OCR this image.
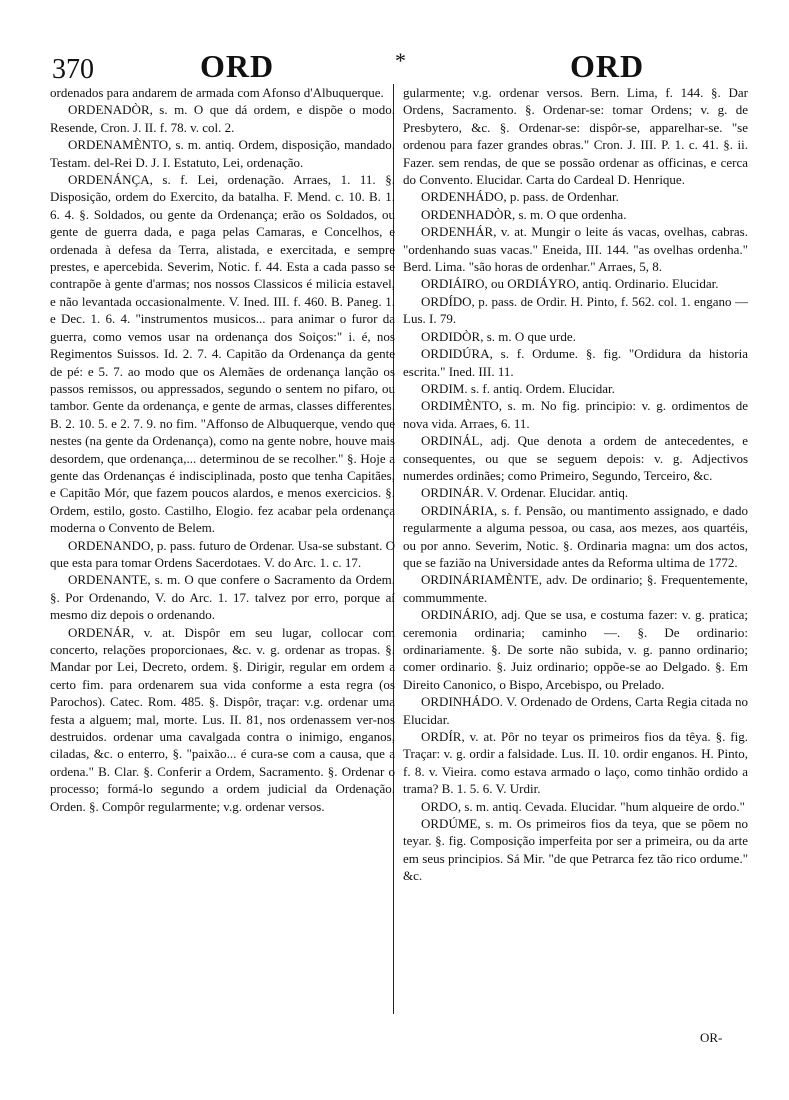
370	ORD	*	ORD

ordenados para andarem de armada com Afonso d'Albuquerque.

ORDENADÒR, s. m. O que dá ordem, e dispõe o modo. Resende, Cron. J. II. f. 78. v. col. 2.

ORDENAMÈNTO, s. m. antiq. Ordem, disposição, mandado. Testam. del-Rei D. J. I. Estatuto, Lei, ordenação.

ORDENÁNÇA, s. f. Lei, ordenação. Arraes, 1. 11. §. Disposição, ordem do Exercito, da batalha. F. Mend. c. 10. B. 1. 6. 4. §. Soldados, ou gente da Ordenança; erão os Soldados, ou gente de guerra dada, e paga pelas Camaras, e Concelhos, e ordenada à defesa da Terra, alistada, e exercitada, e sempre prestes, e apercebida. Severim, Notic. f. 44. Esta a cada passo se contrapõe à gente d'armas; nos nossos Classicos é milicia estavel, e não levantada occasionalmente. V. Ined. III. f. 460. B. Paneg. 1. e Dec. 1. 6. 4. "instrumentos musicos... para animar o furor da guerra, como vemos usar na ordenança dos Soiços:" i. é, nos Regimentos Suissos. Id. 2. 7. 4. Capitão da Ordenança da gente de pé: e 5. 7. ao modo que os Alemães de ordenança lanção os passos remissos, ou appressados, segundo o sentem no pifaro, ou tambor. Gente da ordenança, e gente de armas, classes differentes. B. 2. 10. 5. e 2. 7. 9. no fim. "Affonso de Albuquerque, vendo que nestes (na gente da Ordenança), como na gente nobre, houve mais desordem, que ordenança,... determinou de se recolher." §. Hoje a gente das Ordenanças é indisciplinada, posto que tenha Capitães, e Capitão Mór, que fazem poucos alardos, e menos exercicios. §. Ordem, estilo, gosto. Castilho, Elogio. fez acabar pela ordenança moderna o Convento de Belem.

ORDENANDO, p. pass. futuro de Ordenar. Usa-se substant. O que esta para tomar Ordens Sacerdotaes. V. do Arc. 1. c. 17.

ORDENANTE, s. m. O que confere o Sacramento da Ordem. §. Por Ordenando, V. do Arc. 1. 17. talvez por erro, porque aí mesmo diz depois o ordenando.

ORDENÁR, v. at. Dispôr em seu lugar, collocar com concerto, relações proporcionaes, &c. v. g. ordenar as tropas. §. Mandar por Lei, Decreto, ordem. §. Dirigir, regular em ordem a certo fim. para ordenarem sua vida conforme a esta regra (os Parochos). Catec. Rom. 485. §. Dispôr, traçar: v.g. ordenar uma festa a alguem; mal, morte. Lus. II. 81, nos ordenassem ver-nos destruidos. ordenar uma cavalgada contra o inimigo, enganos, ciladas, &c. o enterro, §. "paixão... é cura-se com a causa, que a ordena." B. Clar. §. Conferir a Ordem, Sacramento. §. Ordenar o processo; formá-lo segundo a ordem judicial da Ordenação. Orden. §. Compôr regularmente; v.g. ordenar versos.

gularmente; v.g. ordenar versos. Bern. Lima, f. 144. §. Dar Ordens, Sacramento. §. Ordenar-se: tomar Ordens; v. g. de Presbytero, &c. §. Ordenar-se: dispôr-se, apparelhar-se. "se ordenou para fazer grandes obras." Cron. J. III. P. 1. c. 41. §. ii. Fazer. sem rendas, de que se possão ordenar as officinas, e cerca do Convento. Elucidar. Carta do Cardeal D. Henrique.

ORDENHÁDO, p. pass. de Ordenhar.

ORDENHADÒR, s. m. O que ordenha.

ORDENHÁR, v. at. Mungir o leite ás vacas, ovelhas, cabras. "ordenhando suas vacas." Eneida, III. 144. "as ovelhas ordenha." Berd. Lima. "são horas de ordenhar." Arraes, 5, 8.

ORDIÁIRO, ou ORDIÁYRO, antiq. Ordinario. Elucidar.

ORDÍDO, p. pass. de Ordir. H. Pinto, f. 562. col. 1. engano — Lus. I. 79.

ORDIDÒR, s. m. O que urde.

ORDIDÚRA, s. f. Ordume. §. fig. "Ordidura da historia escrita." Ined. III. 11.

ORDIM. s. f. antiq. Ordem. Elucidar.

ORDIMÈNTO, s. m. No fig. principio: v. g. ordimentos de nova vida. Arraes, 6. 11.

ORDINÁL, adj. Que denota a ordem de antecedentes, e consequentes, ou que se seguem depois: v. g. Adjectivos numerdes ordinães; como Primeiro, Segundo, Terceiro, &c.

ORDINÁR. V. Ordenar. Elucidar. antiq.

ORDINÁRIA, s. f. Pensão, ou mantimento assignado, e dado regularmente a alguma pessoa, ou casa, aos mezes, aos quartéis, ou por anno. Severim, Notic. §. Ordinaria magna: um dos actos, que se fazião na Universidade antes da Reforma ultima de 1772.

ORDINÁRIAMÈNTE, adv. De ordinario; §. Frequentemente, commummente.

ORDINÁRIO, adj. Que se usa, e costuma fazer: v. g. pratica; ceremonia ordinaria; caminho —. §. De ordinario: ordinariamente. §. De sorte não subida, v. g. panno ordinario; comer ordinario. §. Juiz ordinario; oppõe-se ao Delgado. §. Em Direito Canonico, o Bispo, Arcebispo, ou Prelado.

ORDINHÁDO. V. Ordenado de Ordens, Carta Regia citada no Elucidar.

ORDÍR, v. at. Pôr no teyar os primeiros fios da têya. §. fig. Traçar: v. g. ordir a falsidade. Lus. II. 10. ordir enganos. H. Pinto, f. 8. v. Vieira. como estava armado o laço, como tinhão ordido a trama? B. 1. 5. 6. V. Urdir.

ORDO, s. m. antiq. Cevada. Elucidar. "hum alqueire de ordo."

ORDÚME, s. m. Os primeiros fios da teya, que se põem no teyar. §. fig. Composição imperfeita por ser a primeira, ou da arte em seus principios. Sá Mir. "de que Petrarca fez tão rico ordume." &c.

OR-
